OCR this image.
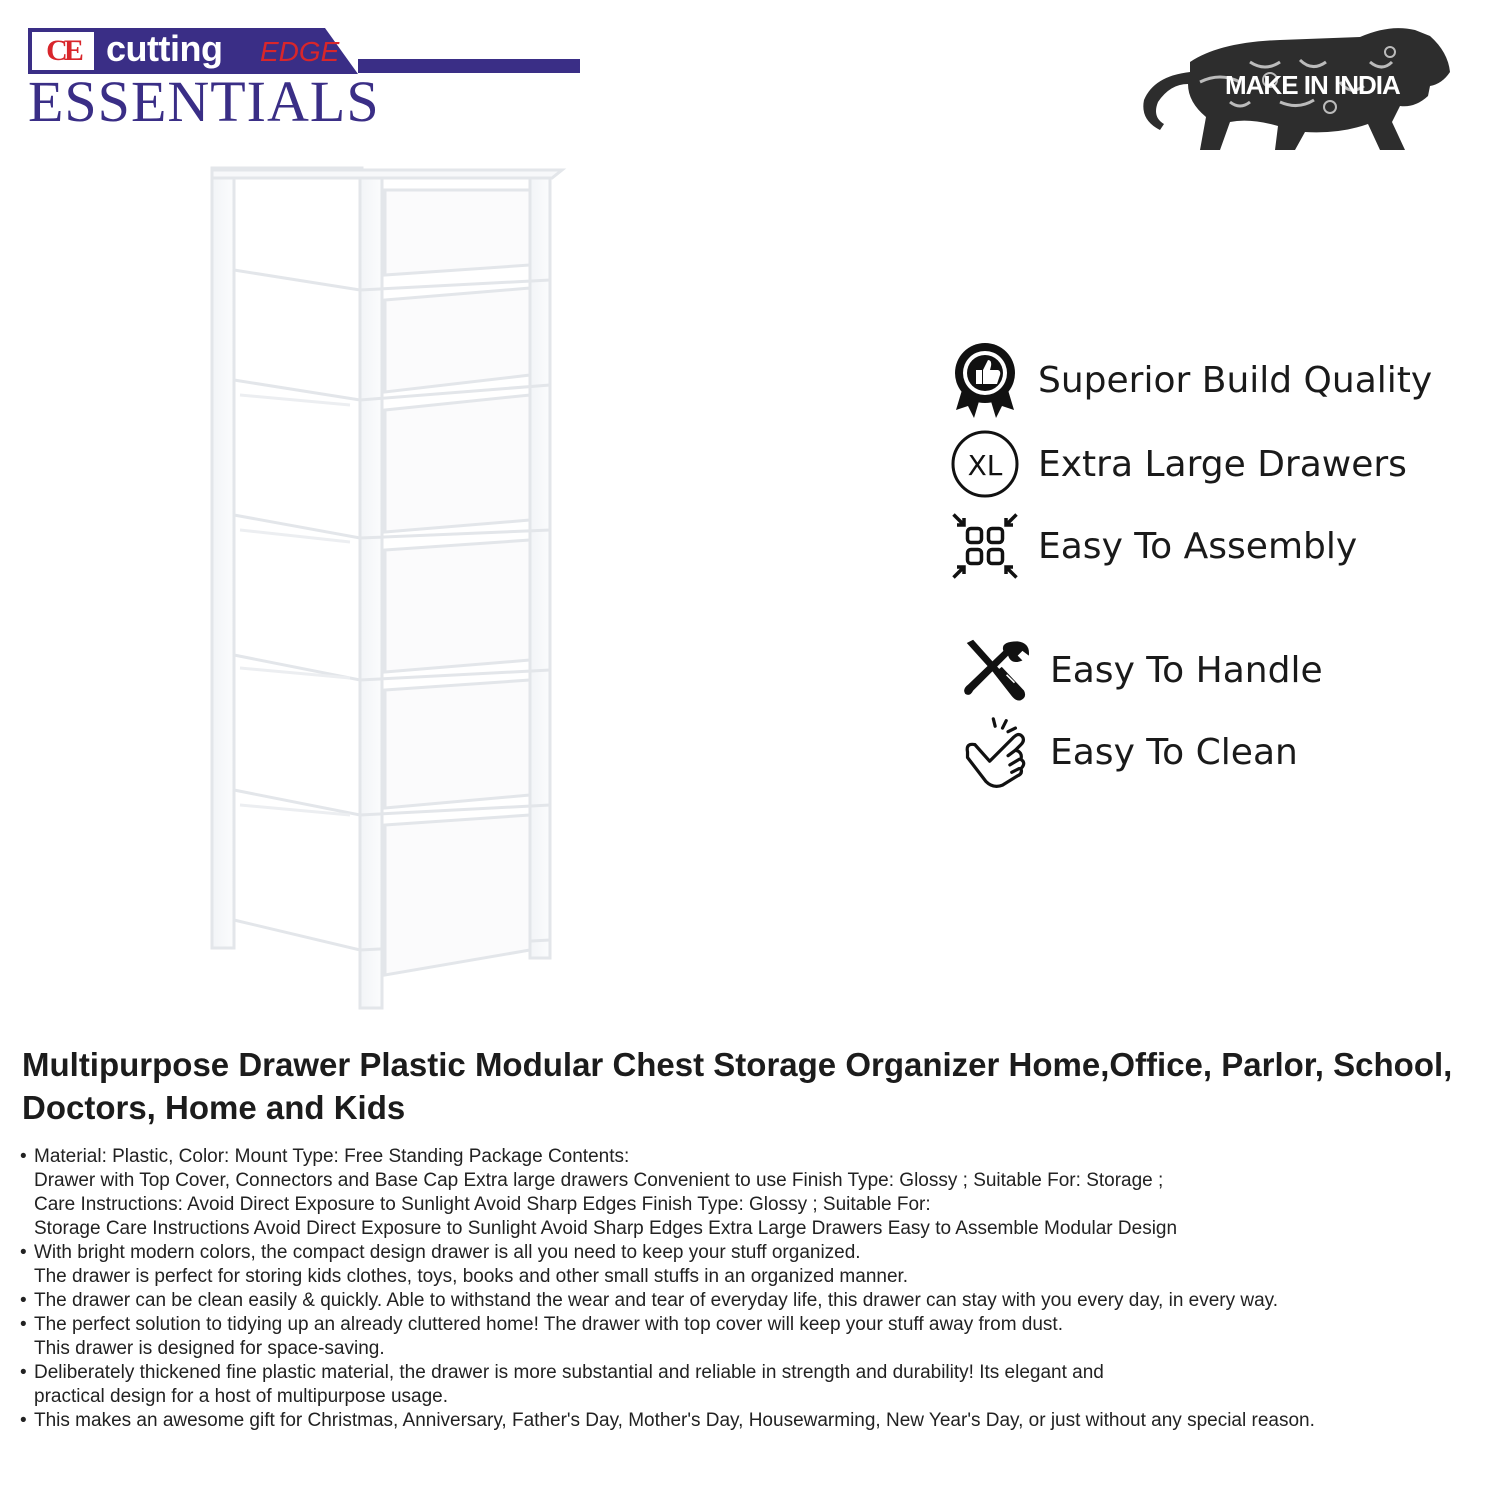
CE cutting EDGE
ESSENTIALS	MAKE IN INDIA
Superior Build Quality
XL Extra Large Drawers
Easy To Assembly
Easy To Handle
Easy To Clean
Multipurpose Drawer Plastic Modular Chest Storage Organizer Home,Office, Parlor, School, Doctors, Home and Kids
• Material: Plastic, Color: Mount Type: Free Standing Package Contents:
Drawer with Top Cover, Connectors and Base Cap Extra large drawers Convenient to use Finish Type: Glossy ; Suitable For: Storage ;
Care Instructions: Avoid Direct Exposure to Sunlight Avoid Sharp Edges Finish Type: Glossy ; Suitable For:
Storage Care Instructions Avoid Direct Exposure to Sunlight Avoid Sharp Edges Extra Large Drawers Easy to Assemble Modular Design
• With bright modern colors, the compact design drawer is all you need to keep your stuff organized.
The drawer is perfect for storing kids clothes, toys, books and other small stuffs in an organized manner.
• The drawer can be clean easily & quickly. Able to withstand the wear and tear of everyday life, this drawer can stay with you every day, in every way.
• The perfect solution to tidying up an already cluttered home! The drawer with top cover will keep your stuff away from dust.
This drawer is designed for space-saving.
• Deliberately thickened fine plastic material, the drawer is more substantial and reliable in strength and durability! Its elegant and
practical design for a host of multipurpose usage.
• This makes an awesome gift for Christmas, Anniversary, Father's Day, Mother's Day, Housewarming, New Year's Day, or just without any special reason.
